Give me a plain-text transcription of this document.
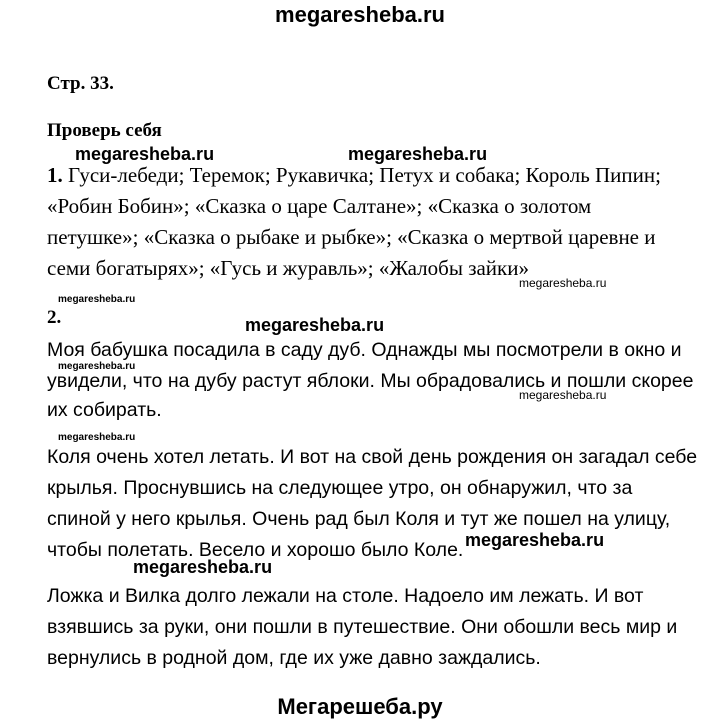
megaresheba.ru
Стр. 33.
Проверь себя
megaresheba.ru	megaresheba.ru
1. Гуси-лебеди; Теремок; Рукавичка; Петух и собака; Король Пипин;
«Робин Бобин»; «Сказка о царе Салтане»; «Сказка о золотом
петушке»; «Сказка о рыбаке и рыбке»; «Сказка о мертвой царевне и
семи богатырях»; «Гусь и журавль»; «Жалобы зайки»
megaresheba.ru
megaresheba.ru
2.	megaresheba.ru
Моя бабушка посадила в саду дуб. Однажды мы посмотрели в окно и
megaresheba.ru
увидели, что на дубу растут яблоки. Мы обрадовались и пошли скорее
megaresheba.ru
их собирать.
megaresheba.ru
Коля очень хотел летать. И вот на свой день рождения он загадал себе
крылья. Проснувшись на следующее утро, он обнаружил, что за
спиной у него крылья. Очень рад был Коля и тут же пошел на улицу,
чтобы полетать. Весело и хорошо было Коле. megaresheba.ru
megaresheba.ru
Ложка и Вилка долго лежали на столе. Надоело им лежать. И вот
взявшись за руки, они пошли в путешествие. Они обошли весь мир и
вернулись в родной дом, где их уже давно заждались.
Мегарешеба.ру
